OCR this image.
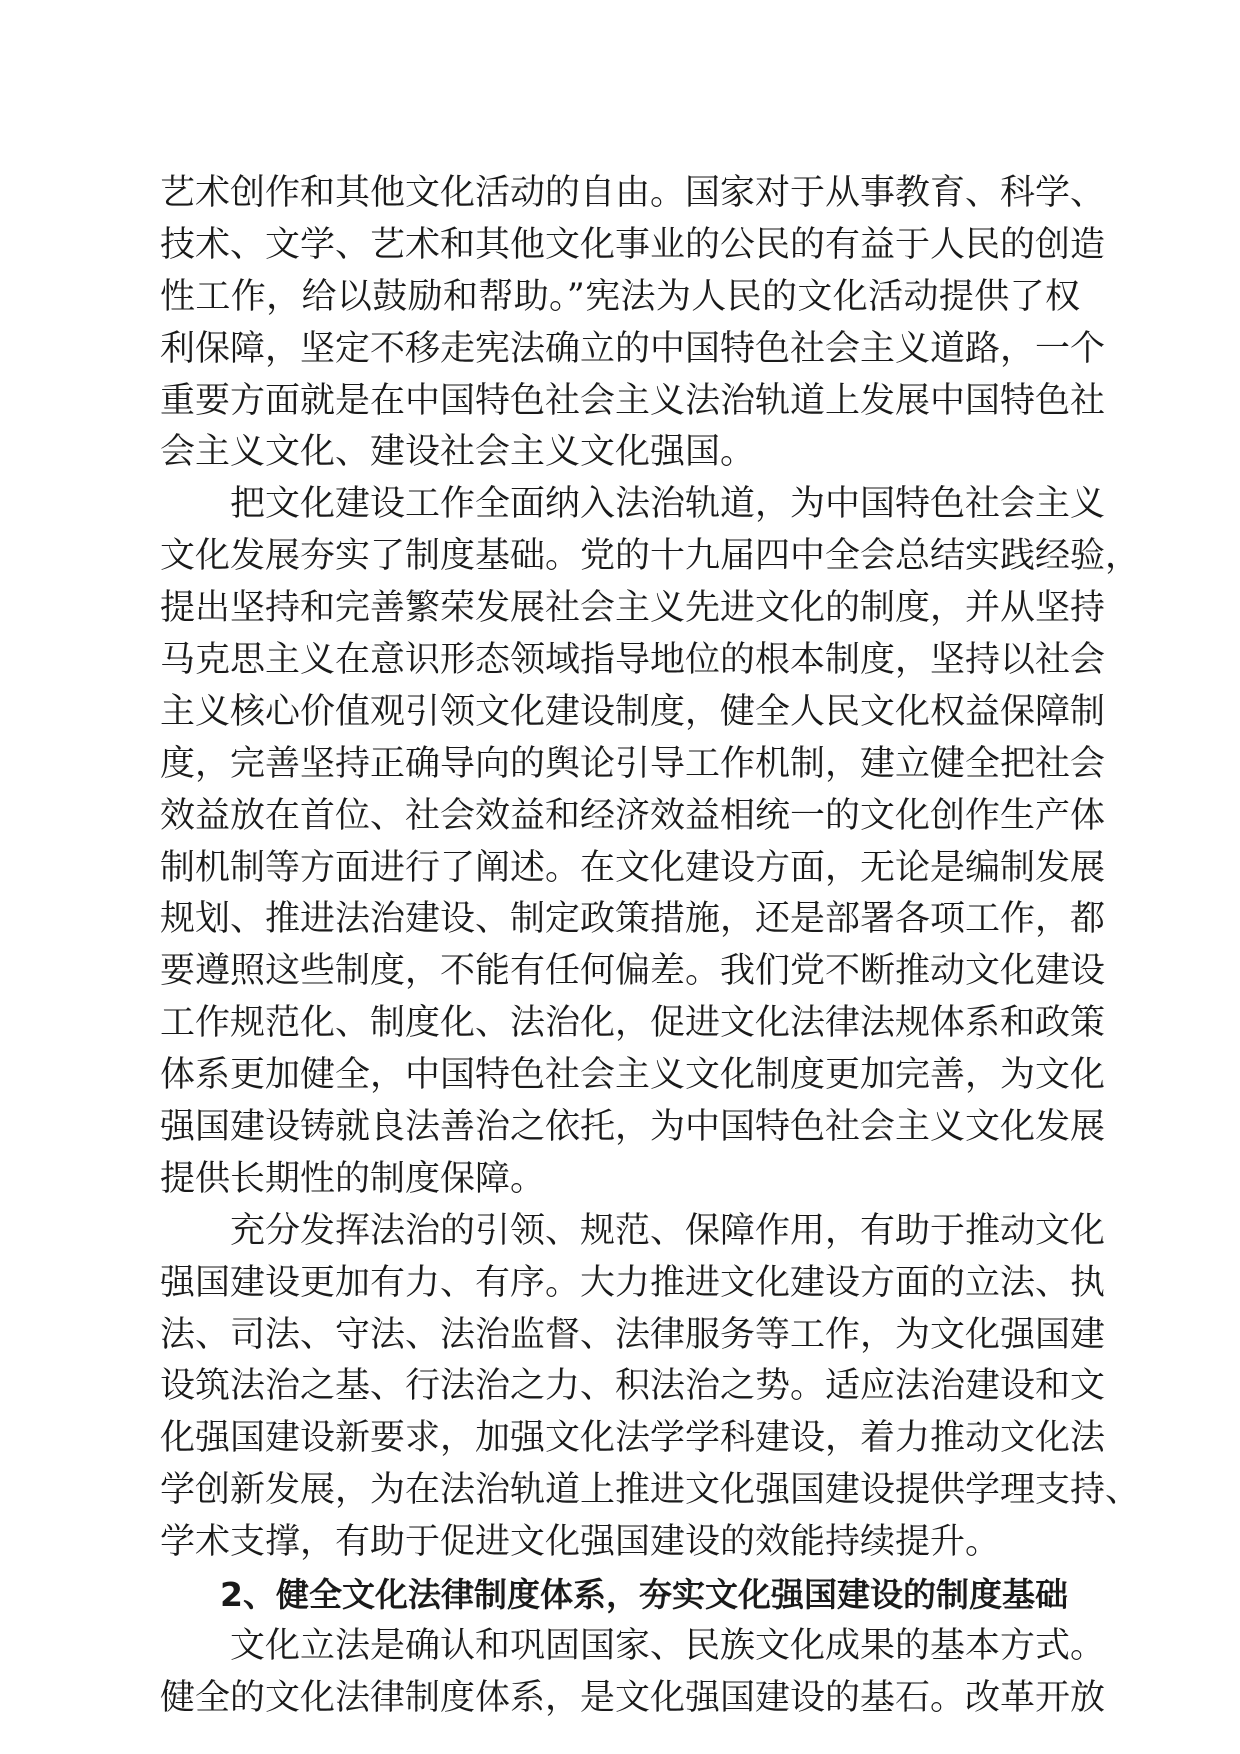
艺术创作和其他文化活动的自由。国家对于从事教育、科学、
技术、文学、艺术和其他文化事业的公民的有益于人民的创造
性工作，给以鼓励和帮助。”宪法为人民的文化活动提供了权
利保障，坚定不移走宪法确立的中国特色社会主义道路，一个
重要方面就是在中国特色社会主义法治轨道上发展中国特色社
会主义文化、建设社会主义文化强国。
把文化建设工作全面纳入法治轨道，为中国特色社会主义
文化发展夯实了制度基础。党的十九届四中全会总结实践经验，
提出坚持和完善繁荣发展社会主义先进文化的制度，并从坚持
马克思主义在意识形态领域指导地位的根本制度，坚持以社会
主义核心价值观引领文化建设制度，健全人民文化权益保障制
度，完善坚持正确导向的舆论引导工作机制，建立健全把社会
效益放在首位、社会效益和经济效益相统一的文化创作生产体
制机制等方面进行了阐述。在文化建设方面，无论是编制发展
规划、推进法治建设、制定政策措施，还是部署各项工作，都
要遵照这些制度，不能有任何偏差。我们党不断推动文化建设
工作规范化、制度化、法治化，促进文化法律法规体系和政策
体系更加健全，中国特色社会主义文化制度更加完善，为文化
强国建设铸就良法善治之依托，为中国特色社会主义文化发展
提供长期性的制度保障。
充分发挥法治的引领、规范、保障作用，有助于推动文化
强国建设更加有力、有序。大力推进文化建设方面的立法、执
法、司法、守法、法治监督、法律服务等工作，为文化强国建
设筑法治之基、行法治之力、积法治之势。适应法治建设和文
化强国建设新要求，加强文化法学学科建设，着力推动文化法
学创新发展，为在法治轨道上推进文化强国建设提供学理支持、
学术支撑，有助于促进文化强国建设的效能持续提升。
2、健全文化法律制度体系，夯实文化强国建设的制度基础
文化立法是确认和巩固国家、民族文化成果的基本方式。
健全的文化法律制度体系，是文化强国建设的基石。改革开放
